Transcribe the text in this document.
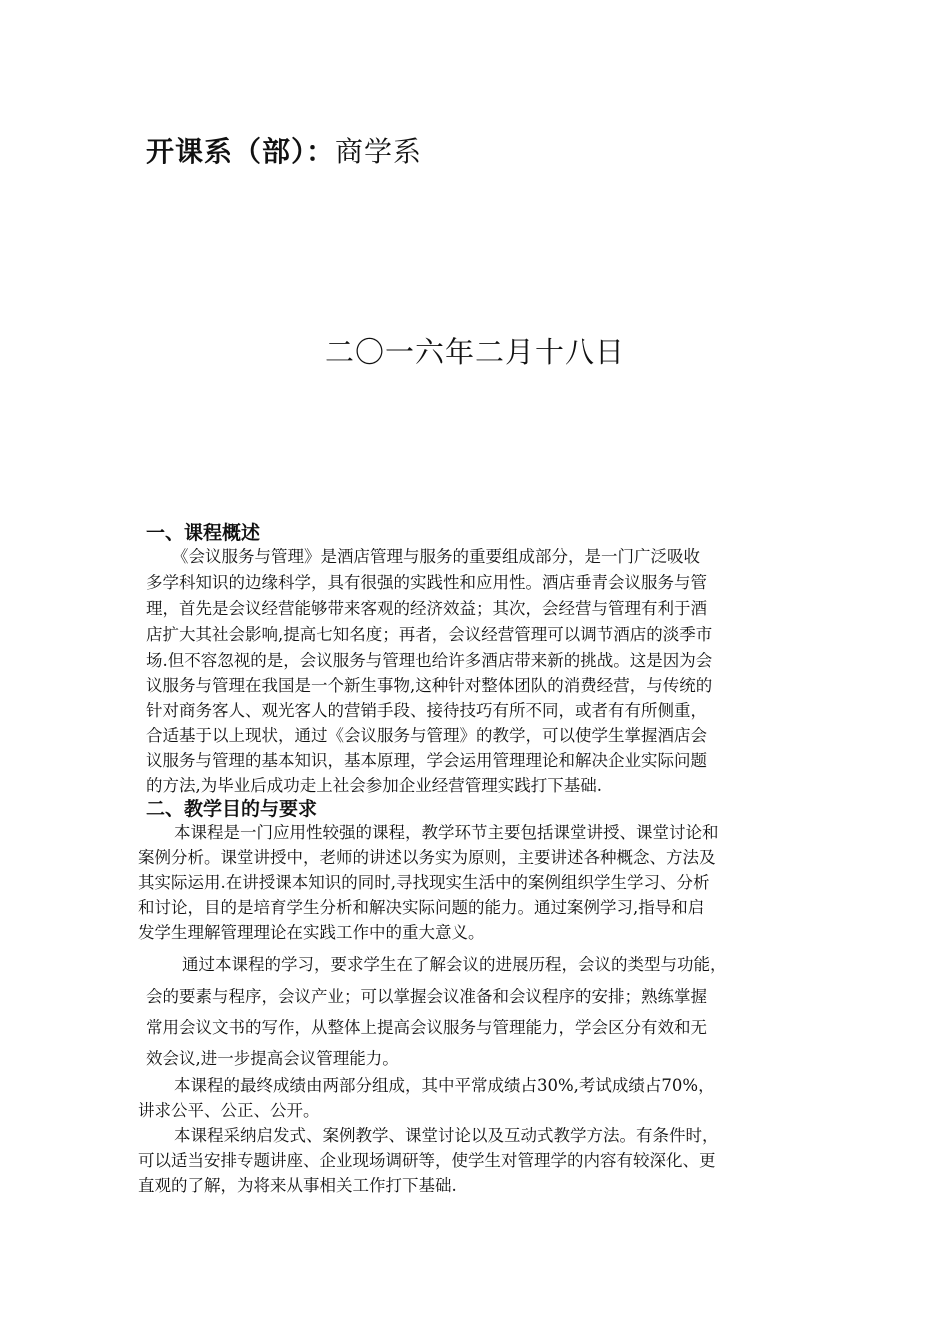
开课系（部）：商学系
二〇一六年二月十八日
一、课程概述
《会议服务与管理》是酒店管理与服务的重要组成部分，是一门广泛吸收
多学科知识的边缘科学，具有很强的实践性和应用性。酒店垂青会议服务与管
理，首先是会议经营能够带来客观的经济效益；其次，会经营与管理有利于酒
店扩大其社会影响,提高七知名度；再者，会议经营管理可以调节酒店的淡季市
场.但不容忽视的是，会议服务与管理也给许多酒店带来新的挑战。这是因为会
议服务与管理在我国是一个新生事物,这种针对整体团队的消费经营，与传统的
针对商务客人、观光客人的营销手段、接待技巧有所不同，或者有有所侧重，
合适基于以上现状，通过《会议服务与管理》的教学，可以使学生掌握酒店会
议服务与管理的基本知识，基本原理，学会运用管理理论和解决企业实际问题
的方法,为毕业后成功走上社会参加企业经营管理实践打下基础.
二、教学目的与要求
本课程是一门应用性较强的课程，教学环节主要包括课堂讲授、课堂讨论和
案例分析。课堂讲授中，老师的讲述以务实为原则，主要讲述各种概念、方法及
其实际运用.在讲授课本知识的同时,寻找现实生活中的案例组织学生学习、分析
和讨论，目的是培育学生分析和解决实际问题的能力。通过案例学习,指导和启
发学生理解管理理论在实践工作中的重大意义。
通过本课程的学习，要求学生在了解会议的进展历程，会议的类型与功能，
会的要素与程序，会议产业；可以掌握会议准备和会议程序的安排；熟练掌握
常用会议文书的写作，从整体上提高会议服务与管理能力，学会区分有效和无
效会议,进一步提高会议管理能力。
本课程的最终成绩由两部分组成，其中平常成绩占30%,考试成绩占70%，
讲求公平、公正、公开。
本课程采纳启发式、案例教学、课堂讨论以及互动式教学方法。有条件时，
可以适当安排专题讲座、企业现场调研等，使学生对管理学的内容有较深化、更
直观的了解，为将来从事相关工作打下基础.
